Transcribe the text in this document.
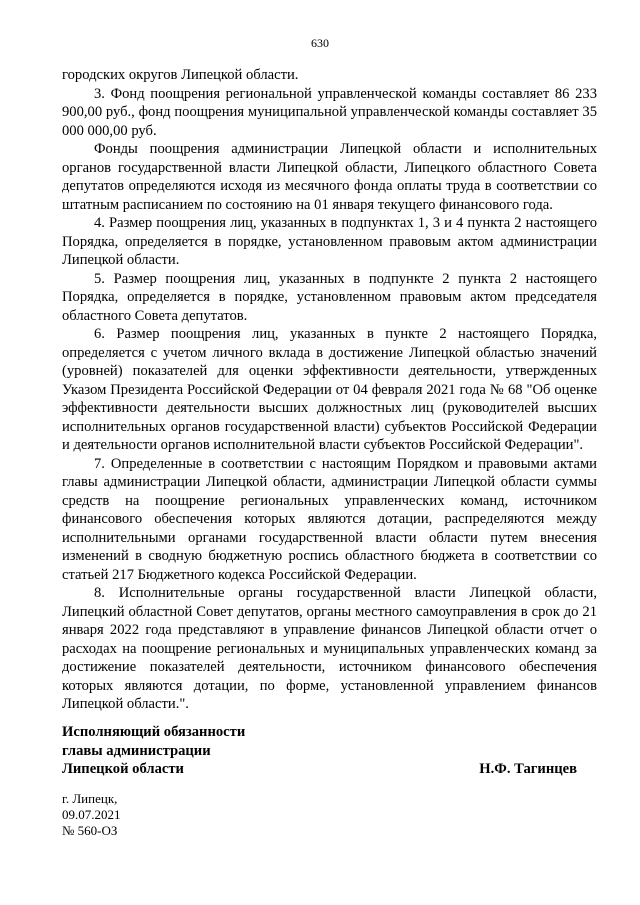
630

городских округов Липецкой области.

3. Фонд поощрения региональной управленческой команды составляет 86 233 900,00 руб., фонд поощрения муниципальной управленческой команды составляет 35 000 000,00 руб.

Фонды поощрения администрации Липецкой области и исполнительных органов государственной власти Липецкой области, Липецкого областного Совета депутатов определяются исходя из месячного фонда оплаты труда в соответствии со штатным расписанием по состоянию на 01 января текущего финансового года.

4. Размер поощрения лиц, указанных в подпунктах 1, 3 и 4 пункта 2 настоящего Порядка, определяется в порядке, установленном правовым актом администрации Липецкой области.

5. Размер поощрения лиц, указанных в подпункте 2 пункта 2 настоящего Порядка, определяется в порядке, установленном правовым актом председателя областного Совета депутатов.

6. Размер поощрения лиц, указанных в пункте 2 настоящего Порядка, определяется с учетом личного вклада в достижение Липецкой областью значений (уровней) показателей для оценки эффективности деятельности, утвержденных Указом Президента Российской Федерации от 04 февраля 2021 года № 68 "Об оценке эффективности деятельности высших должностных лиц (руководителей высших исполнительных органов государственной власти) субъектов Российской Федерации и деятельности органов исполнительной власти субъектов Российской Федерации".

7. Определенные в соответствии с настоящим Порядком и правовыми актами главы администрации Липецкой области, администрации Липецкой области суммы средств на поощрение региональных управленческих команд, источником финансового обеспечения которых являются дотации, распределяются между исполнительными органами государственной власти области путем внесения изменений в сводную бюджетную роспись областного бюджета в соответствии со статьей 217 Бюджетного кодекса Российской Федерации.

8. Исполнительные органы государственной власти Липецкой области, Липецкий областной Совет депутатов, органы местного самоуправления в срок до 21 января 2022 года представляют в управление финансов Липецкой области отчет о расходах на поощрение региональных и муниципальных управленческих команд за достижение показателей деятельности, источником финансового обеспечения которых являются дотации, по форме, установленной управлением финансов Липецкой области.".

Исполняющий обязанности
главы администрации
Липецкой области	Н.Ф. Тагинцев
г. Липецк,
09.07.2021
№ 560-ОЗ
